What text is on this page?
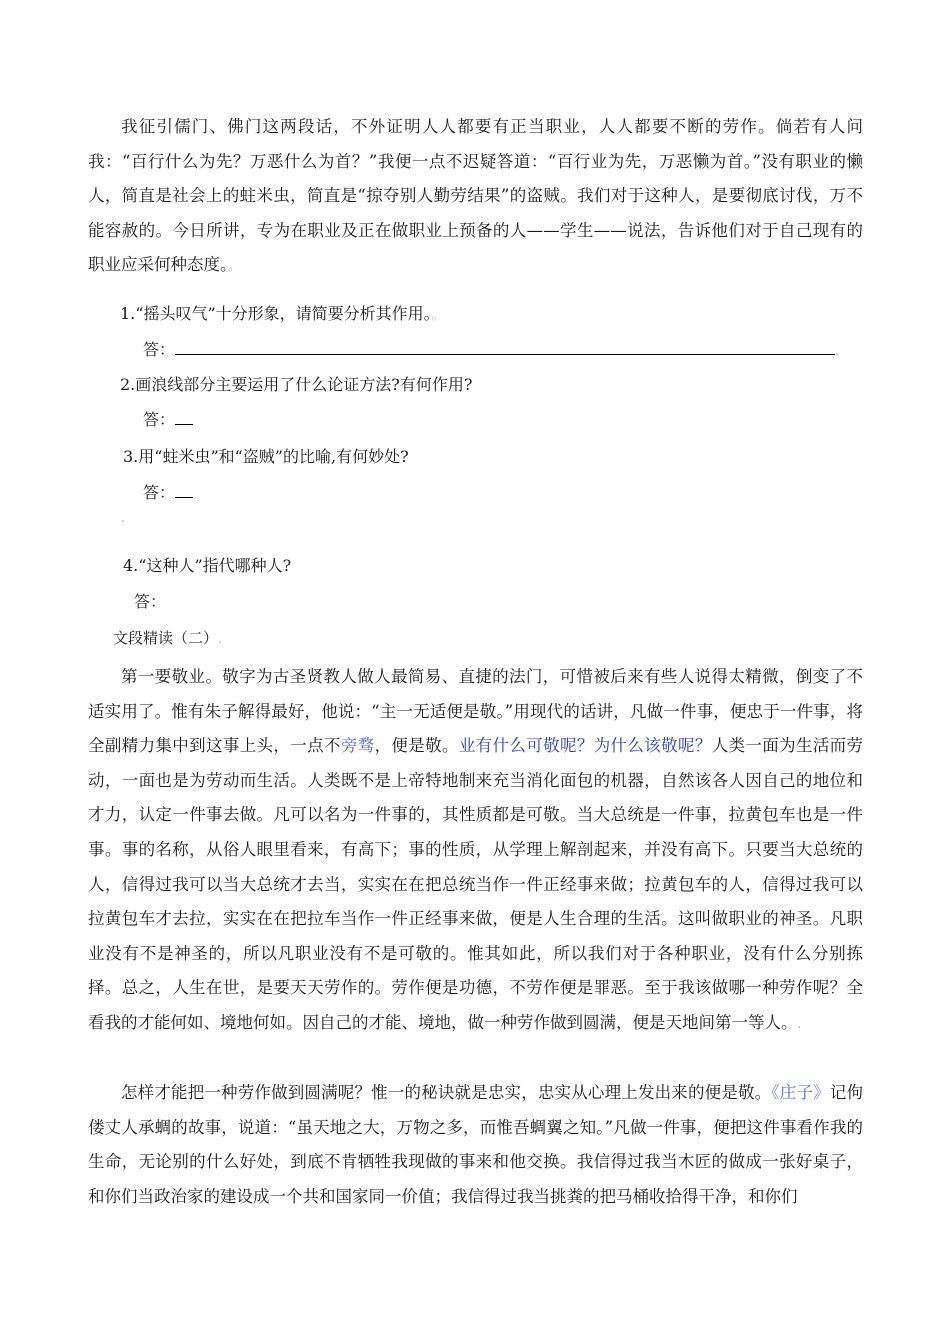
我征引儒门、佛门这两段话，不外证明人人都要有正当职业，人人都要不断的劳作。倘若有人问我：“百行什么为先？万恶什么为首？”我便一点不迟疑答道：“百行业为先，万恶懒为首。”没有职业的懒人，简直是社会上的蛀米虫，简直是“掠夺别人勤劳结果”的盗贼。我们对于这种人，是要彻底讨伐，万不能容赦的。今日所讲，专为在职业及正在做职业上预备的人——学生——说法，告诉他们对于自己现有的职业应采何种态度。。

1.“摇头叹气”十分形象，请简要分析其作用。。
答：	.
2.画浪线部分主要运用了什么论证方法?有何作用?
答：
3.用“蛀米虫”和“盗贼”的比喻,有何妙处?
答：
.
4.“这种人”指代哪种人?
答：
文段精读（二）.

第一要敬业。敬字为古圣贤教人做人最简易、直捷的法门，可惜被后来有些人说得太精微，倒变了不适实用了。惟有朱子解得最好，他说：“主一无适便是敬。”用现代的话讲，凡做一件事，便忠于一件事，将全副精力集中到这事上头，一点不旁骛，便是敬。业有什么可敬呢？为什么该敬呢？人类一面为生活而劳动，一面也是为劳动而生活。人类既不是上帝特地制来充当消化面包的机器，自然该各人因自己的地位和才力，认定一件事去做。凡可以名为一件事的，其性质都是可敬。当大总统是一件事，拉黄包车也是一件事。事的名称，从俗人眼里看来，有高下；事的性质，从学理上解剖起来，并没有高下。只要当大总统的人，信得过我可以当大总统才去当，实实在在把总统当作一件正经事来做；拉黄包车的人，信得过我可以拉黄包车才去拉，实实在在把拉车当作一件正经事来做，便是人生合理的生活。这叫做职业的神圣。凡职业没有不是神圣的，所以凡职业没有不是可敬的。惟其如此，所以我们对于各种职业，没有什么分别拣择。总之，人生在世，是要天天劳作的。劳作便是功德，不劳作便是罪恶。至于我该做哪一种劳作呢？全看我的才能何如、境地何如。因自己的才能、境地，做一种劳作做到圆满，便是天地间第一等人。.

怎样才能把一种劳作做到圆满呢？惟一的秘诀就是忠实，忠实从心理上发出来的便是敬。《庄子》记佝偻丈人承蜩的故事，说道：“虽天地之大，万物之多，而惟吾蜩翼之知。”凡做一件事，便把这件事看作我的生命，无论别的什么好处，到底不肯牺牲我现做的事来和他交换。我信得过我当木匠的做成一张好桌子，和你们当政治家的建设成一个共和国家同一价值；我信得过我当挑粪的把马桶收拾得干净，和你们
